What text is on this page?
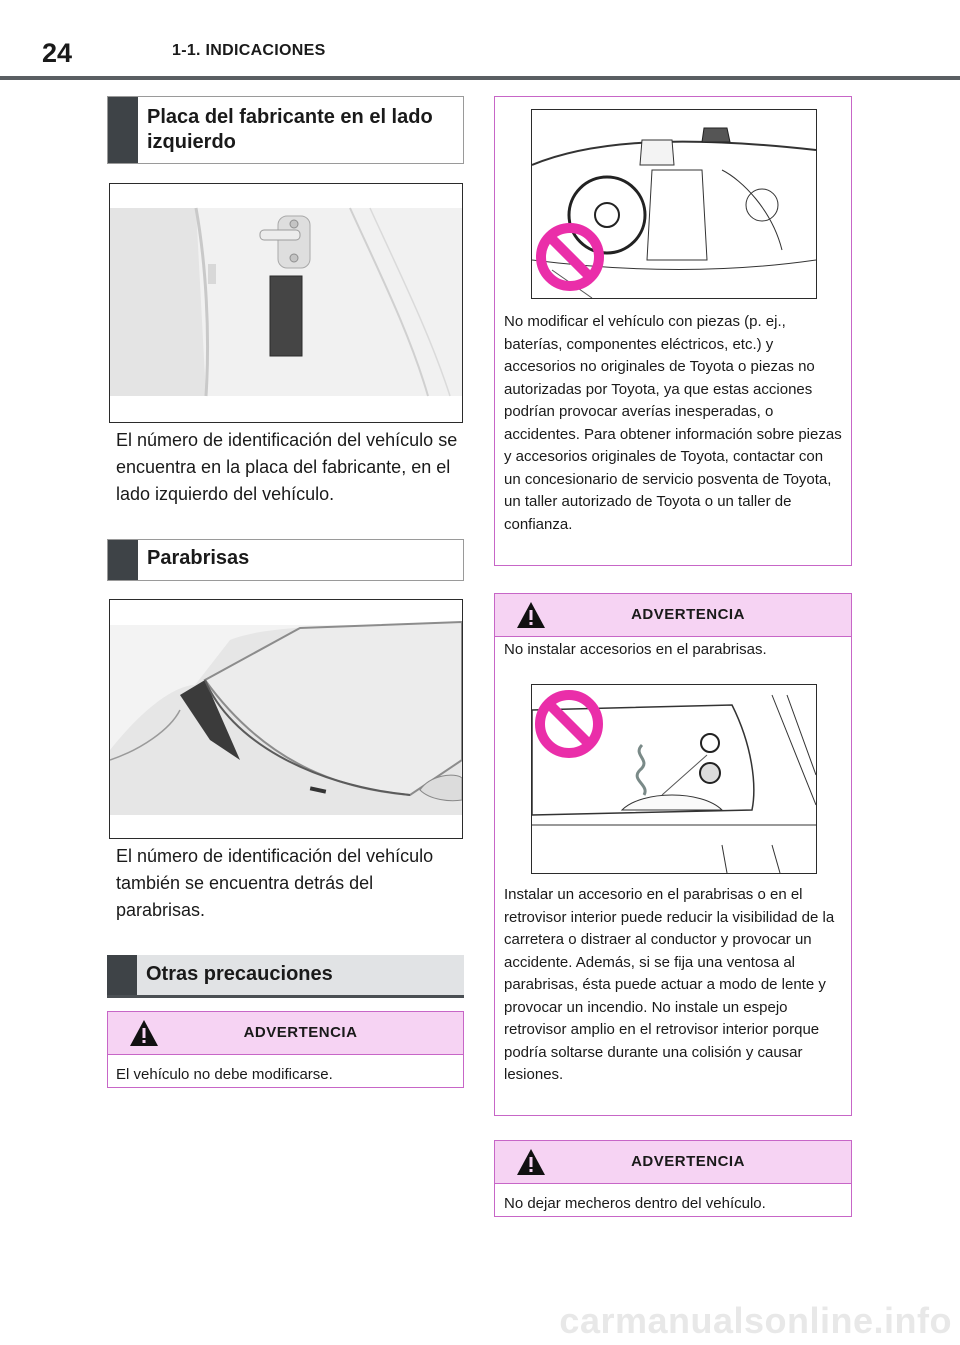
24	1-1. INDICACIONES
Placa del fabricante en el lado izquierdo
El número de identificación del vehículo se encuentra en la placa del fabricante, en el lado izquierdo del vehículo.
Parabrisas
El número de identificación del vehículo también se encuentra detrás del parabrisas.
Otras precauciones
ADVERTENCIA
El vehículo no debe modificarse.
No modificar el vehículo con piezas (p. ej., baterías, componentes eléctricos, etc.) y accesorios no originales de Toyota o piezas no autorizadas por Toyota, ya que estas acciones podrían provocar averías inesperadas, o accidentes. Para obtener información sobre piezas y accesorios originales de Toyota, contactar con un concesionario de servicio posventa de Toyota, un taller autorizado de Toyota o un taller de confianza.
ADVERTENCIA
No instalar accesorios en el parabrisas.
Instalar un accesorio en el parabrisas o en el retrovisor interior puede reducir la visibilidad de la carretera o distraer al conductor y provocar un accidente. Además, si se fija una ventosa al parabrisas, ésta puede actuar a modo de lente y provocar un incendio. No instale un espejo retrovisor amplio en el retrovisor interior porque podría soltarse durante una colisión y causar lesiones.
ADVERTENCIA
No dejar mecheros dentro del vehículo.
carmanualsonline.info
